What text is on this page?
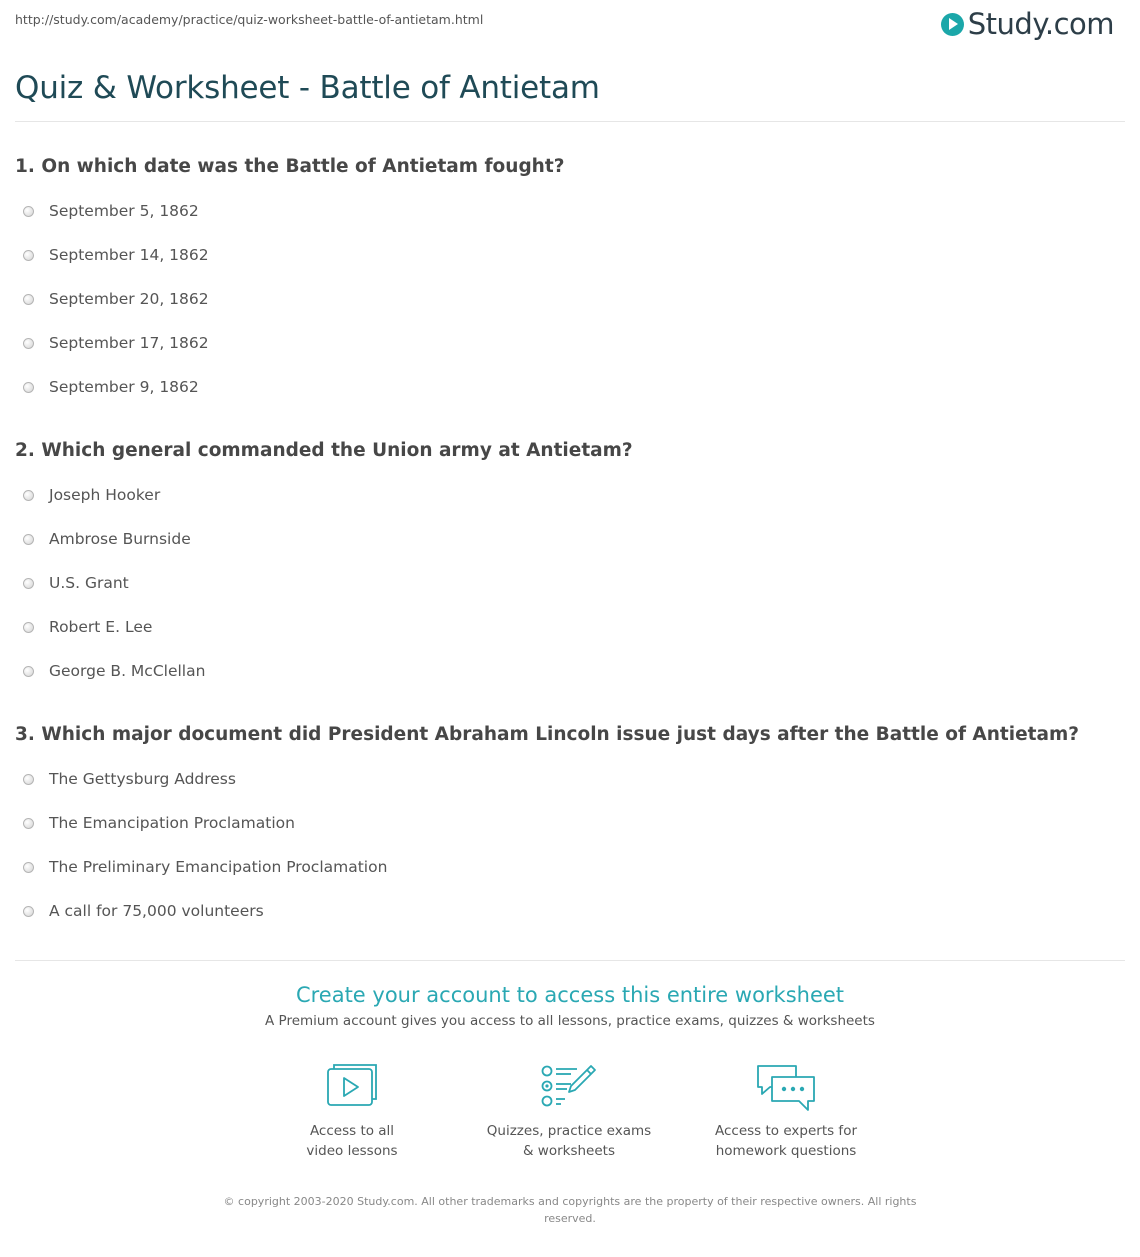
http://study.com/academy/practice/quiz-worksheet-battle-of-antietam.html	Study.com
Quiz & Worksheet - Battle of Antietam
1. On which date was the Battle of Antietam fought?
September 5, 1862
September 14, 1862
September 20, 1862
September 17, 1862
September 9, 1862
2. Which general commanded the Union army at Antietam?
Joseph Hooker
Ambrose Burnside
U.S. Grant
Robert E. Lee
George B. McClellan
3. Which major document did President Abraham Lincoln issue just days after the Battle of Antietam?
The Gettysburg Address
The Emancipation Proclamation
The Preliminary Emancipation Proclamation
A call for 75,000 volunteers
Create your account to access this entire worksheet
A Premium account gives you access to all lessons, practice exams, quizzes & worksheets
Access to all
video lessons
Quizzes, practice exams
& worksheets
Access to experts for
homework questions
© copyright 2003-2020 Study.com. All other trademarks and copyrights are the property of their respective owners. All rights reserved.
